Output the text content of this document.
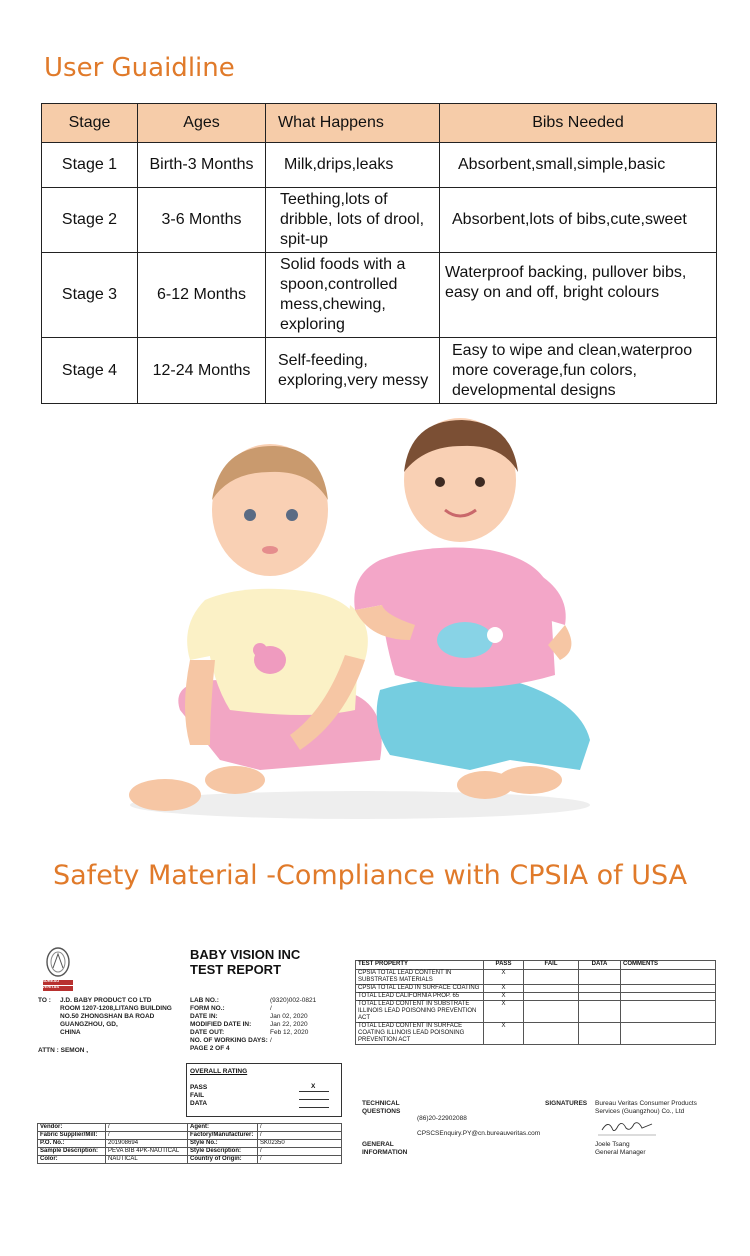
User Guaidline
Stage	Ages	What Happens	Bibs Needed
Stage 1	Birth-3 Months	Milk,drips,leaks	Absorbent,small,simple,basic
Stage 2	3-6 Months	Teething,lots of dribble, lots of drool, spit-up	Absorbent,lots of bibs,cute,sweet
Stage 3	6-12 Months	Solid foods with a spoon,controlled mess,chewing, exploring	Waterproof backing, pullover bibs, easy on and off, bright colours
Stage 4	12-24 Months	Self-feeding, exploring,very messy	Easy to wipe and clean,waterproo more coverage,fun colors, developmental designs
Safety Material -Compliance with CPSIA of USA
BUREAU
VERITAS
BABY VISION INC
TEST REPORT
TO : J.D. BABY PRODUCT CO LTD
ROOM 1207-1208,LITANG BUILDING
NO.50 ZHONGSHAN BA ROAD
GUANGZHOU, GD,
CHINA
ATTN : SEMON ,
LAB NO.:	(9320)002-0821
FORM NO.:	/
DATE IN:	Jan 02, 2020
MODIFIED DATE IN:	Jan 22, 2020
DATE OUT:	Feb 12, 2020
NO. OF WORKING DAYS: /
PAGE 2 OF 4
OVERALL RATING
PASS
FAIL
DATA
X
Vendor:	/	Agent:	/
Fabric Supplier/Mill:	/	Factory/Manufacturer:	/
P.O. No.:	201908694	Style No.:	SK02350
Sample Description:	PEVA BIB 4PK-NAUTICAL	Style Description:	/
Color:	NAUTICAL	Country of Origin:	/
TEST PROPERTY	PASS	FAIL	DATA	COMMENTS
CPSIA TOTAL LEAD CONTENT IN SUBSTRATES MATERIALS	X			
CPSIA TOTAL LEAD IN SURFACE COATING	X			
TOTAL LEAD CALIFORNIA PROP. 65	X			
TOTAL LEAD CONTENT IN SUBSTRATE ILLINOIS LEAD POISONING PREVENTION ACT	X			
TOTAL LEAD CONTENT IN SURFACE COATING ILLINOIS LEAD POISONING PREVENTION ACT	X			
TECHNICAL QUESTIONS
(86)20-22902088
CPSCSEnquiry.PY@cn.bureauveritas.com
GENERAL INFORMATION
SIGNATURES Bureau Veritas Consumer Products
Services (Guangzhou) Co., Ltd
Joele Tsang
General Manager
